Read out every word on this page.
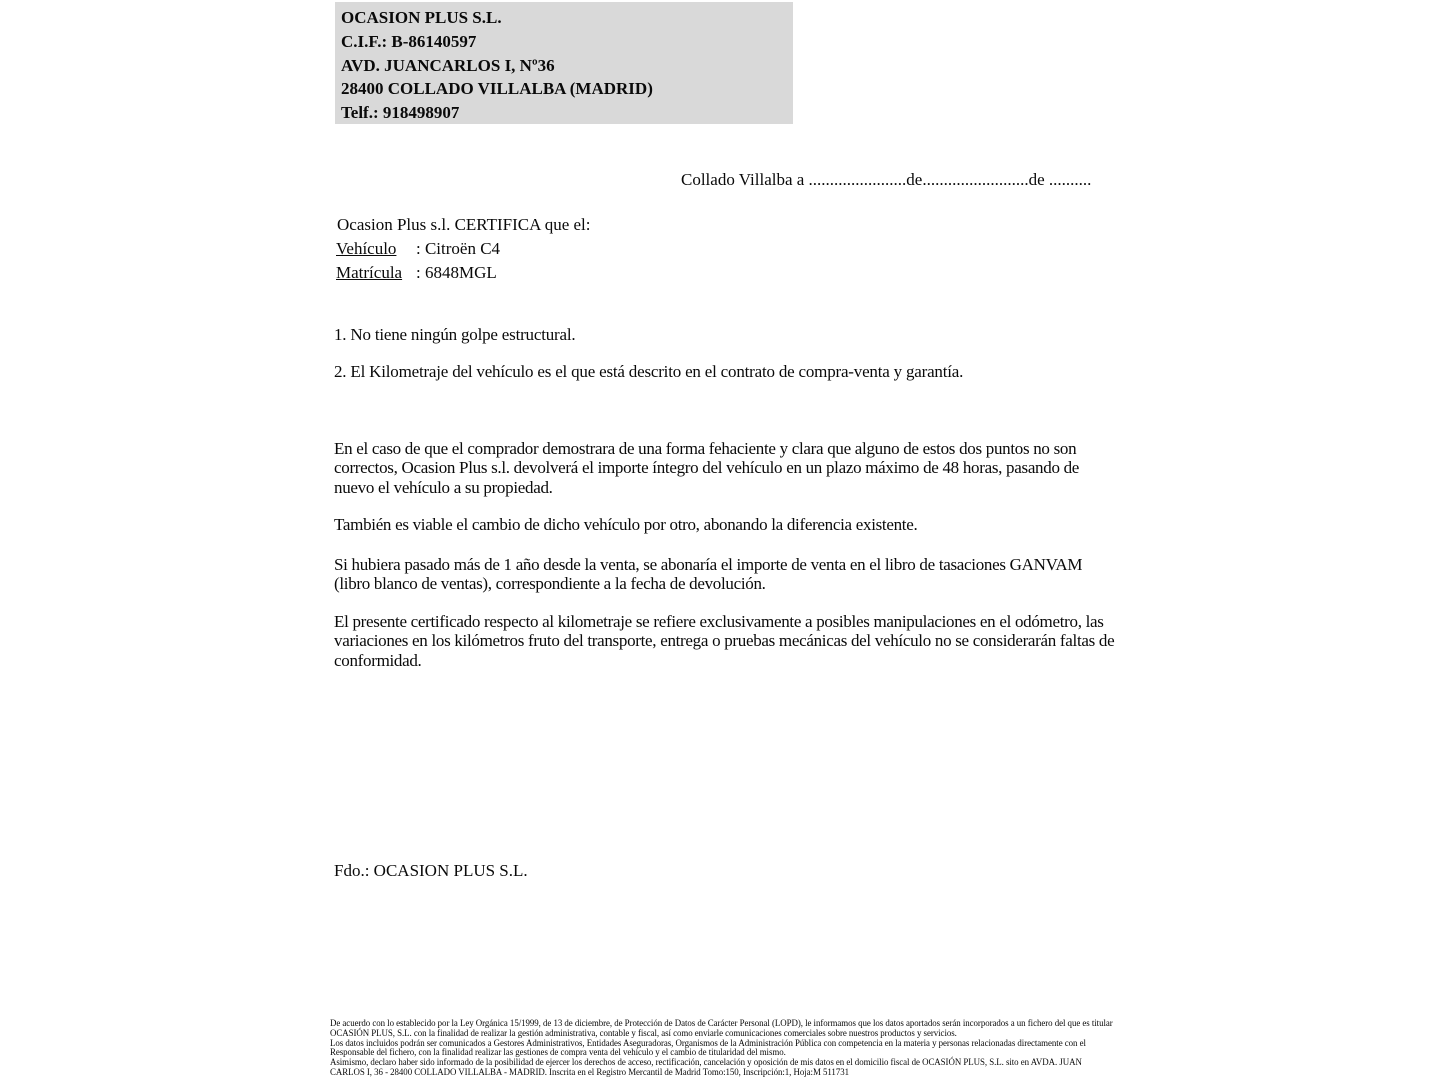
OCASION PLUS S.L.
C.I.F.: B-86140597
AVD. JUANCARLOS I, Nº36
28400 COLLADO VILLALBA (MADRID)
Telf.: 918498907
Collado Villalba a .......................de.........................de ..........
Ocasion Plus s.l. CERTIFICA que el:
Vehículo : Citroën C4
Matrícula : 6848MGL
1. No tiene ningún golpe estructural.
2. El Kilometraje del vehículo es el que está descrito en el contrato de compra-venta y garantía.
En el caso de que el comprador demostrara de una forma fehaciente y clara que alguno de estos dos puntos no son correctos, Ocasion Plus s.l. devolverá el importe íntegro del vehículo en un plazo máximo de 48 horas, pasando de nuevo el vehículo a su propiedad.
También es viable el cambio de dicho vehículo por otro, abonando la diferencia existente.
Si hubiera pasado más de 1 año desde la venta, se abonaría el importe de venta en el libro de tasaciones GANVAM (libro blanco de ventas), correspondiente a la fecha de devolución.
El presente certificado respecto al kilometraje se refiere exclusivamente a posibles manipulaciones en el odómetro, las variaciones en los kilómetros fruto del transporte, entrega o pruebas mecánicas del vehículo no se considerarán faltas de conformidad.
Fdo.: OCASION PLUS S.L.
De acuerdo con lo establecido por la Ley Orgánica 15/1999, de 13 de diciembre, de Protección de Datos de Carácter Personal (LOPD), le informamos que los datos aportados serán incorporados a un fichero del que es titular
OCASIÓN PLUS, S.L. con la finalidad de realizar la gestión administrativa, contable y fiscal, así como enviarle comunicaciones comerciales sobre nuestros productos y servicios.
Los datos incluidos podrán ser comunicados a Gestores Administrativos, Entidades Aseguradoras, Organismos de la Administración Pública con competencia en la materia y personas relacionadas directamente con el
Responsable del fichero, con la finalidad realizar las gestiones de compra venta del vehículo y el cambio de titularidad del mismo.
Asimismo, declaro haber sido informado de la posibilidad de ejercer los derechos de acceso, rectificación, cancelación y oposición de mis datos en el domicilio fiscal de OCASIÓN PLUS, S.L. sito en AVDA. JUAN
CARLOS I, 36 - 28400 COLLADO VILLALBA - MADRID. Inscrita en el Registro Mercantil de Madrid Tomo:150, Inscripción:1, Hoja:M 511731
